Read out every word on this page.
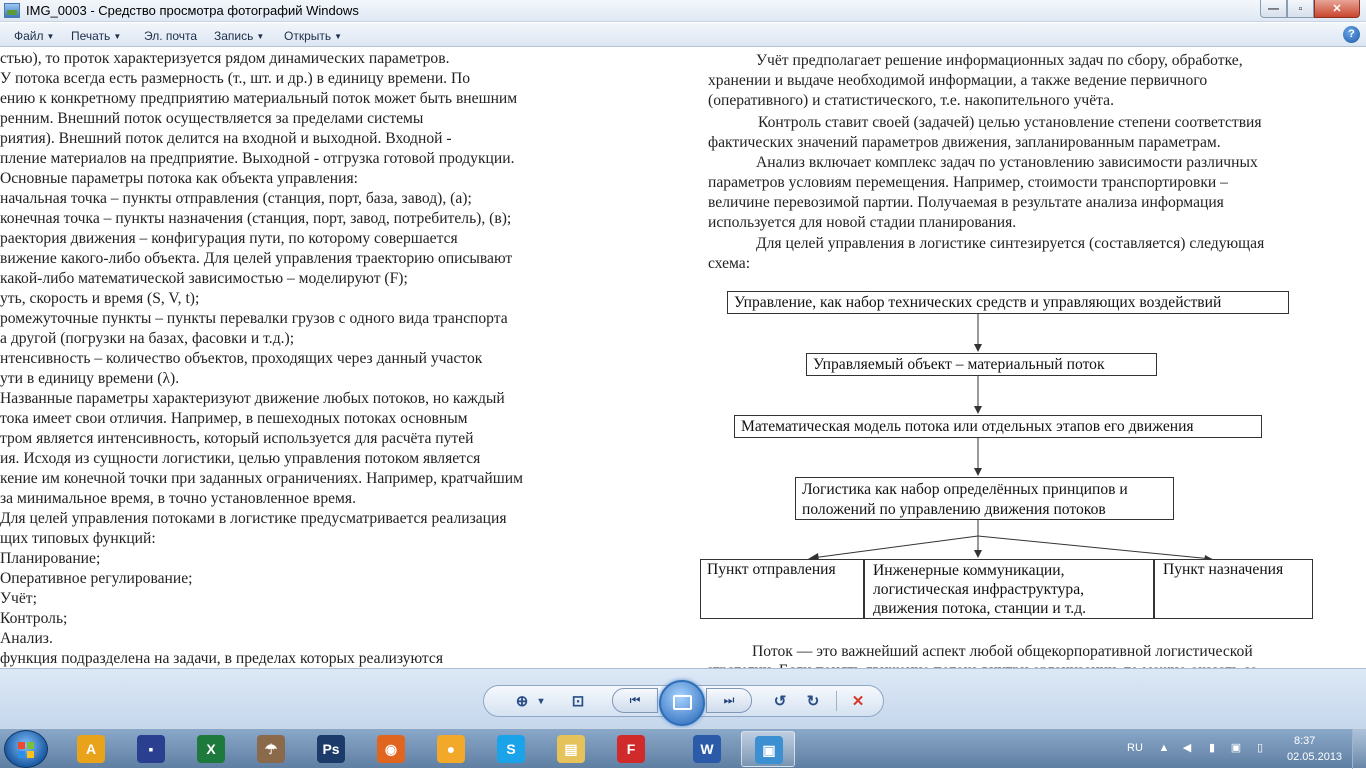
IMG_0003 - Средство просмотра фотографий Windows	—	▫	✕
Файл ▼ Печать ▼ Эл. почта Запись ▼ Открыть ▼	?
стью), то проток характеризуется рядом динамических параметров.
У потока всегда есть размерность (т., шт. и др.) в единицу времени. По
ению к конкретному предприятию материальный поток может быть внешним
ренним. Внешний поток осуществляется за пределами системы
риятия). Внешний поток делится на входной и выходной. Входной -
пление материалов на предприятие. Выходной - отгрузка готовой продукции.
Основные параметры потока как объекта управления:
начальная точка – пункты отправления (станция, порт, база, завод), (а);
конечная точка – пункты назначения (станция, порт, завод, потребитель), (в);
раектория движения – конфигурация пути, по которому совершается
вижение какого-либо объекта. Для целей управления траекторию описывают
какой-либо математической зависимостью – моделируют (F);
уть, скорость и время (S, V, t);
ромежуточные пункты – пункты перевалки грузов с одного вида транспорта
а другой (погрузки на базах, фасовки и т.д.);
нтенсивность – количество объектов, проходящих через данный участок
ути в единицу времени (λ).
Названные параметры характеризуют движение любых потоков, но каждый
тока имеет свои отличия. Например, в пешеходных потоках основным
тром является интенсивность, который используется для расчёта путей
ия. Исходя из сущности логистики, целью управления потоком является
кение им конечной точки при заданных ограничениях. Например, кратчайшим
за минимальное время, в точно установленное время.
Для целей управления потоками в логистике предусматривается реализация
щих типовых функций:
Планирование;
Оперативное регулирование;
Учёт;
Контроль;
Анализ.
функция подразделена на задачи, в пределах которых реализуются
Учёт предполагает решение информационных задач по сбору, обработке,
хранении и выдаче необходимой информации, а также ведение первичного
(оперативного) и статистического, т.е. накопительного учёта.
Контроль ставит своей (задачей) целью установление степени соответствия
фактических значений параметров движения, запланированным параметрам.
Анализ включает комплекс задач по установлению зависимости различных
параметров условиям перемещения. Например, стоимости транспортировки –
величине перевозимой партии. Получаемая в результате анализа информация
используется для новой стадии планирования.
Для целей управления в логистике синтезируется (составляется) следующая
схема:
Управление, как набор технических средств и управляющих воздействий
Управляемый объект – материальный поток
Математическая модель потока или отдельных этапов его движения
Логистика как набор определённых принципов и
положений по управлению движения потоков
Пункт отправления	Инженерные коммуникации,
логистическая инфраструктура,
движения потока, станции и т.д.
Пункт назначения
Поток — это важнейший аспект любой общекорпоративной логистической
⊕	▾	⊡	⏮	⏭	↺	↻	✕
A	▪	X	☂	Ps	◉	●	S	▤	F	W	▣	RU ▲ ◀	▮	▣	▯
8:37
02.05.2013
